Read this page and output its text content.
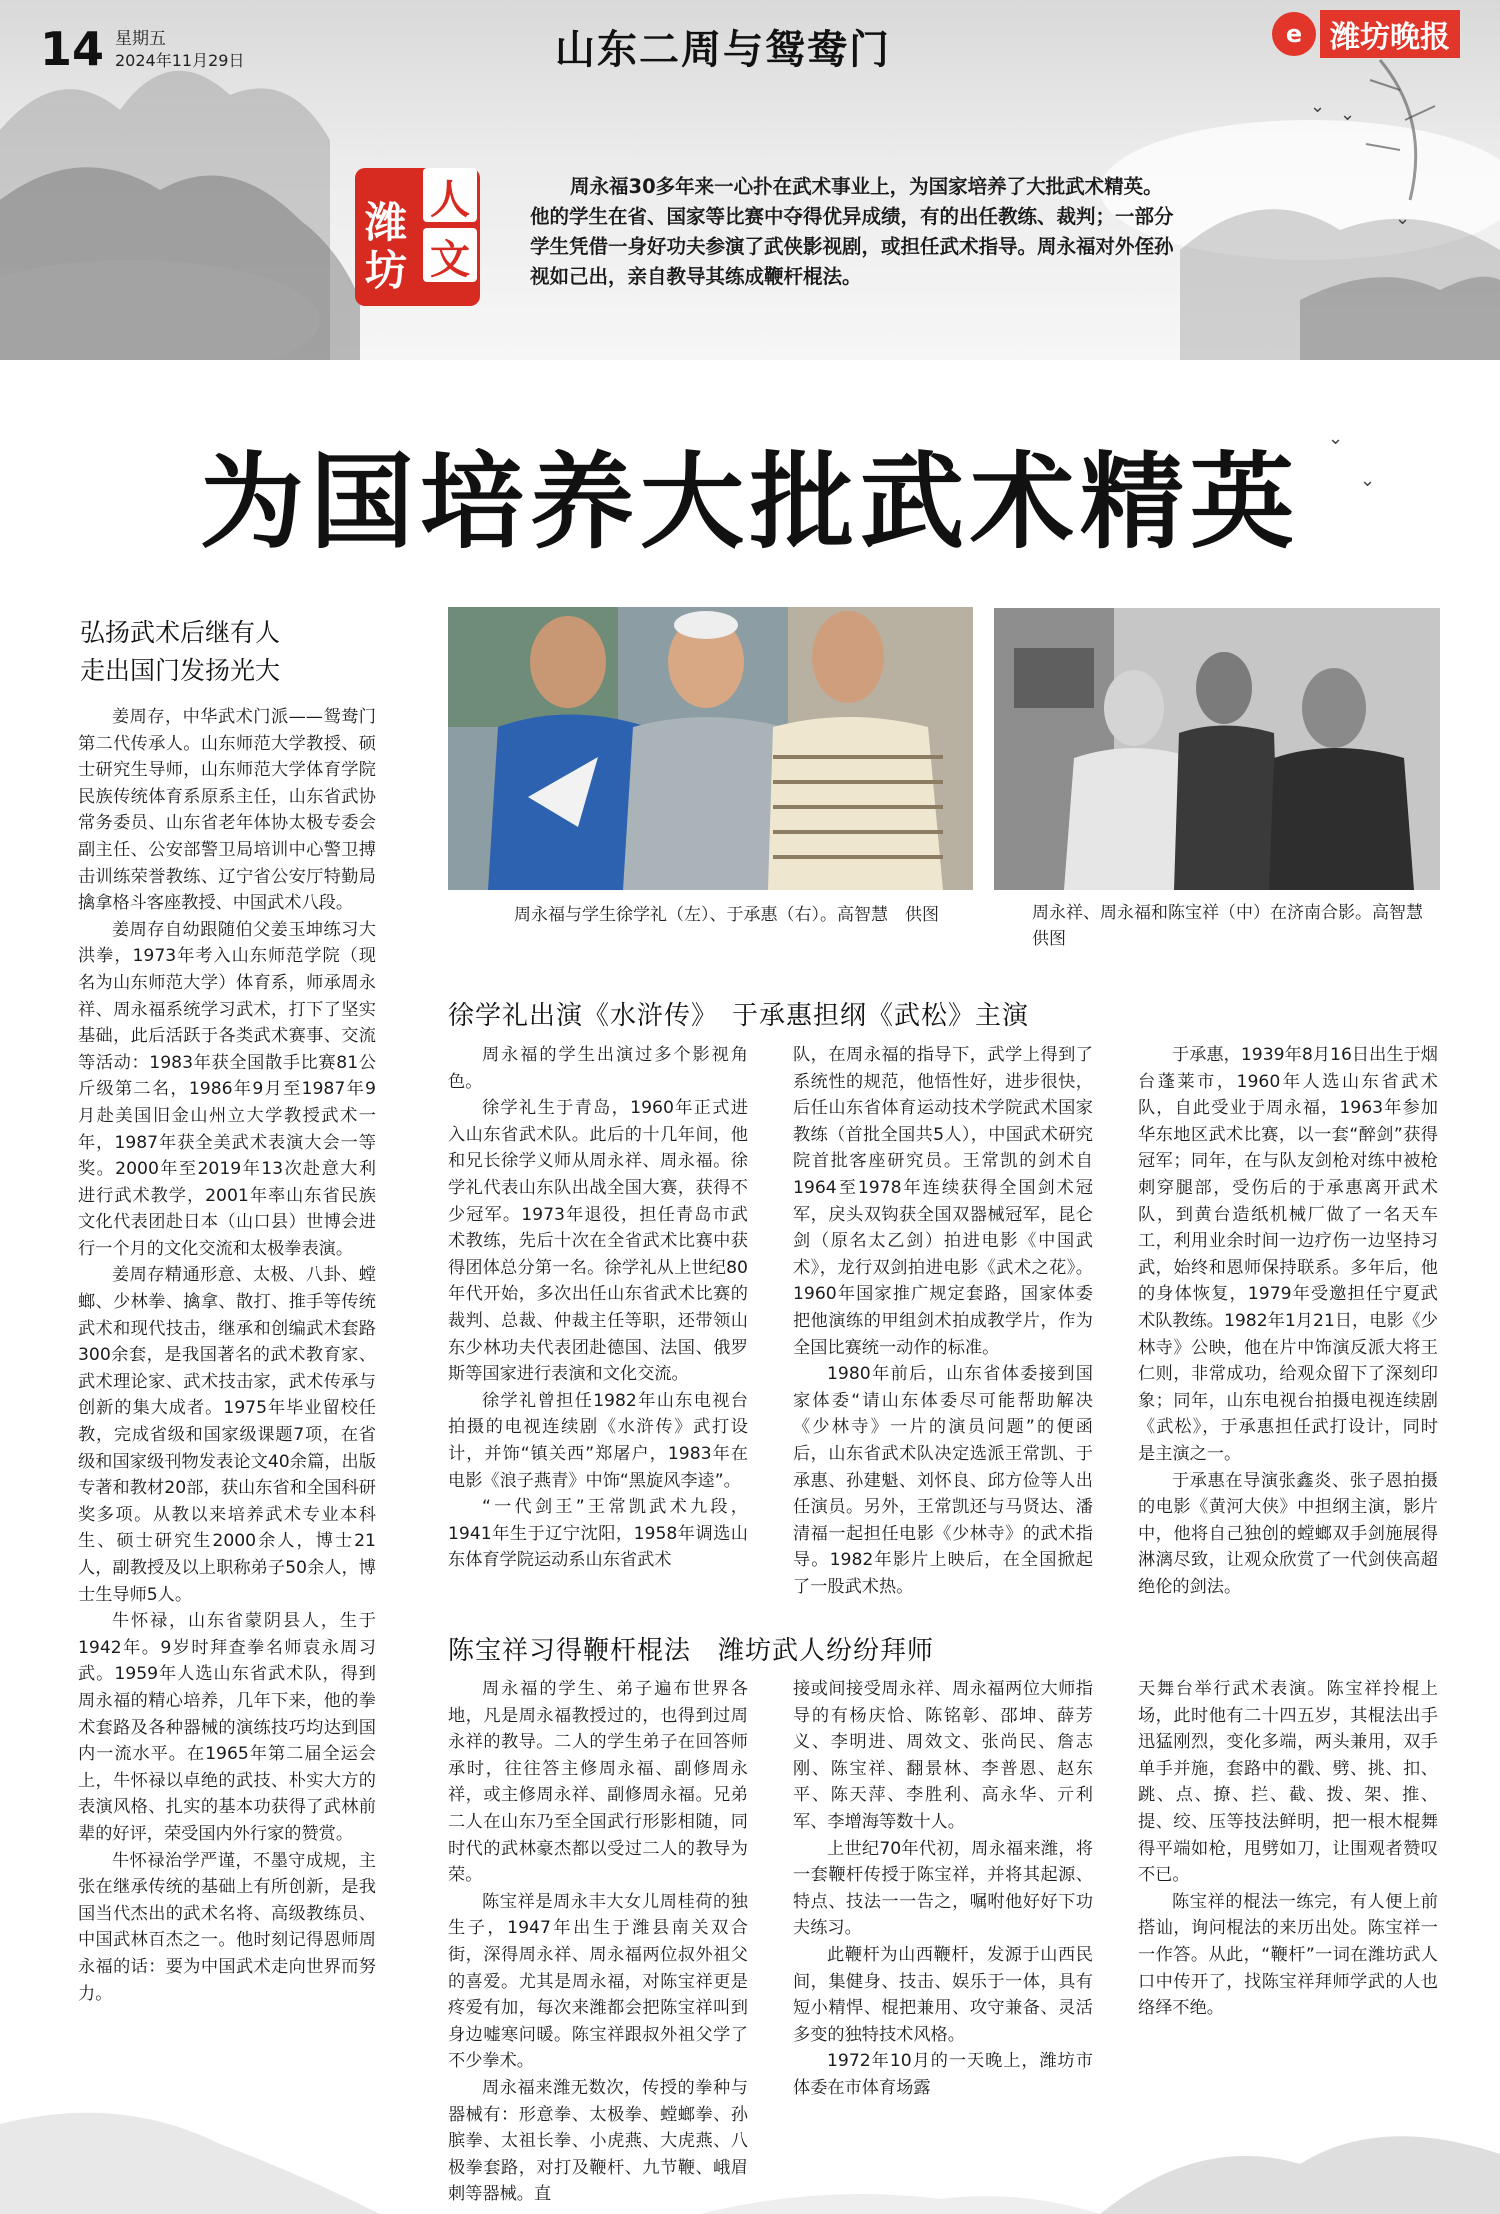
14 星期五
2024年11月29日	山东二周与鸳鸯门	e 潍坊晚报
潍
坊
人
文

周永福30多年来一心扑在武术事业上，为国家培养了大批武术精英。他的学生在省、国家等比赛中夺得优异成绩，有的出任教练、裁判；一部分学生凭借一身好功夫参演了武侠影视剧，或担任武术指导。周永福对外侄孙视如己出，亲自教导其练成鞭杆棍法。

⌄ ⌄
⌄
⌄
⌄
为国培养大批武术精英
弘扬武术后继有人
走出国门发扬光大

姜周存，中华武术门派——鸳鸯门第二代传承人。山东师范大学教授、硕士研究生导师，山东师范大学体育学院民族传统体育系原系主任，山东省武协常务委员、山东省老年体协太极专委会副主任、公安部警卫局培训中心警卫搏击训练荣誉教练、辽宁省公安厅特勤局擒拿格斗客座教授、中国武术八段。

姜周存自幼跟随伯父姜玉坤练习大洪拳，1973年考入山东师范学院（现名为山东师范大学）体育系，师承周永祥、周永福系统学习武术，打下了坚实基础，此后活跃于各类武术赛事、交流等活动：1983年获全国散手比赛81公斤级第二名，1986年9月至1987年9月赴美国旧金山州立大学教授武术一年，1987年获全美武术表演大会一等奖。2000年至2019年13次赴意大利进行武术教学，2001年率山东省民族文化代表团赴日本（山口县）世博会进行一个月的文化交流和太极拳表演。

姜周存精通形意、太极、八卦、螳螂、少林拳、擒拿、散打、推手等传统武术和现代技击，继承和创编武术套路300余套，是我国著名的武术教育家、武术理论家、武术技击家，武术传承与创新的集大成者。1975年毕业留校任教，完成省级和国家级课题7项，在省级和国家级刊物发表论文40余篇，出版专著和教材20部，获山东省和全国科研奖多项。从教以来培养武术专业本科生、硕士研究生2000余人，博士21人，副教授及以上职称弟子50余人，博士生导师5人。

牛怀禄，山东省蒙阴县人，生于1942年。9岁时拜查拳名师袁永周习武。1959年人选山东省武术队，得到周永福的精心培养，几年下来，他的拳术套路及各种器械的演练技巧均达到国内一流水平。在1965年第二届全运会上，牛怀禄以卓绝的武技、朴实大方的表演风格、扎实的基本功获得了武林前辈的好评，荣受国内外行家的赞赏。

牛怀禄治学严谨，不墨守成规，主张在继承传统的基础上有所创新，是我国当代杰出的武术名将、高级教练员、中国武林百杰之一。他时刻记得恩师周永福的话：要为中国武术走向世界而努力。

周永福与学生徐学礼（左）、于承惠（右）。高智慧　供图	周永祥、周永福和陈宝祥（中）在济南合影。高智慧　供图
徐学礼出演《水浒传》　于承惠担纲《武松》主演

周永福的学生出演过多个影视角色。

徐学礼生于青岛，1960年正式进入山东省武术队。此后的十几年间，他和兄长徐学义师从周永祥、周永福。徐学礼代表山东队出战全国大赛，获得不少冠军。1973年退役，担任青岛市武术教练，先后十次在全省武术比赛中获得团体总分第一名。徐学礼从上世纪80年代开始，多次出任山东省武术比赛的裁判、总裁、仲裁主任等职，还带领山东少林功夫代表团赴德国、法国、俄罗斯等国家进行表演和文化交流。

徐学礼曾担任1982年山东电视台拍摄的电视连续剧《水浒传》武打设计，并饰“镇关西”郑屠户，1983年在电影《浪子燕青》中饰“黑旋风李逵”。

“一代剑王”王常凯武术九段，1941年生于辽宁沈阳，1958年调选山东体育学院运动系山东省武术

队，在周永福的指导下，武学上得到了系统性的规范，他悟性好，进步很快，后任山东省体育运动技术学院武术国家教练（首批全国共5人），中国武术研究院首批客座研究员。王常凯的剑术自1964至1978年连续获得全国剑术冠军，戾头双钩获全国双器械冠军，昆仑剑（原名太乙剑）拍进电影《中国武术》，龙行双剑拍进电影《武术之花》。1960年国家推广规定套路，国家体委把他演练的甲组剑术拍成教学片，作为全国比赛统一动作的标准。

1980年前后，山东省体委接到国家体委“请山东体委尽可能帮助解决《少林寺》一片的演员问题”的便函后，山东省武术队决定选派王常凯、于承惠、孙建魁、刘怀良、邱方俭等人出任演员。另外，王常凯还与马贤达、潘清福一起担任电影《少林寺》的武术指导。1982年影片上映后，在全国掀起了一股武术热。

于承惠，1939年8月16日出生于烟台蓬莱市，1960年人选山东省武术队，自此受业于周永福，1963年参加华东地区武术比赛，以一套“醉剑”获得冠军；同年，在与队友剑枪对练中被枪刺穿腿部，受伤后的于承惠离开武术队，到黄台造纸机械厂做了一名天车工，利用业余时间一边疗伤一边坚持习武，始终和恩师保持联系。多年后，他的身体恢复，1979年受邀担任宁夏武术队教练。1982年1月21日，电影《少林寺》公映，他在片中饰演反派大将王仁则，非常成功，给观众留下了深刻印象；同年，山东电视台拍摄电视连续剧《武松》，于承惠担任武打设计，同时是主演之一。

于承惠在导演张鑫炎、张子恩拍摄的电影《黄河大侠》中担纲主演，影片中，他将自己独创的螳螂双手剑施展得淋漓尽致，让观众欣赏了一代剑侠高超绝伦的剑法。

陈宝祥习得鞭杆棍法　潍坊武人纷纷拜师

周永福的学生、弟子遍布世界各地，凡是周永福教授过的，也得到过周永祥的教导。二人的学生弟子在回答师承时，往往答主修周永福、副修周永祥，或主修周永祥、副修周永福。兄弟二人在山东乃至全国武行形影相随，同时代的武林豪杰都以受过二人的教导为荣。

陈宝祥是周永丰大女儿周桂荷的独生子，1947年出生于潍县南关双合街，深得周永祥、周永福两位叔外祖父的喜爱。尤其是周永福，对陈宝祥更是疼爱有加，每次来潍都会把陈宝祥叫到身边嘘寒问暖。陈宝祥跟叔外祖父学了不少拳术。

周永福来潍无数次，传授的拳种与器械有：形意拳、太极拳、螳螂拳、孙膑拳、太祖长拳、小虎燕、大虎燕、八极拳套路，对打及鞭杆、九节鞭、峨眉刺等器械。直

接或间接受周永祥、周永福两位大师指导的有杨庆恰、陈铭彰、邵坤、薛芳义、李明进、周效文、张尚民、詹志刚、陈宝祥、翻景林、李普恩、赵东平、陈天萍、李胜利、高永华、亓利军、李增海等数十人。

上世纪70年代初，周永福来潍，将一套鞭杆传授于陈宝祥，并将其起源、特点、技法一一告之，嘱咐他好好下功夫练习。

此鞭杆为山西鞭杆，发源于山西民间，集健身、技击、娱乐于一体，具有短小精悍、棍把兼用、攻守兼备、灵活多变的独特技术风格。

1972年10月的一天晚上，潍坊市体委在市体育场露

天舞台举行武术表演。陈宝祥拎棍上场，此时他有二十四五岁，其棍法出手迅猛刚烈，变化多端，两头兼用，双手单手并施，套路中的戳、劈、挑、扣、跳、点、撩、拦、截、拨、架、推、提、绞、压等技法鲜明，把一根木棍舞得平端如枪，甩劈如刀，让围观者赞叹不已。

陈宝祥的棍法一练完，有人便上前搭讪，询问棍法的来历出处。陈宝祥一一作答。从此，“鞭杆”一词在潍坊武人口中传开了，找陈宝祥拜师学武的人也络绎不绝。
